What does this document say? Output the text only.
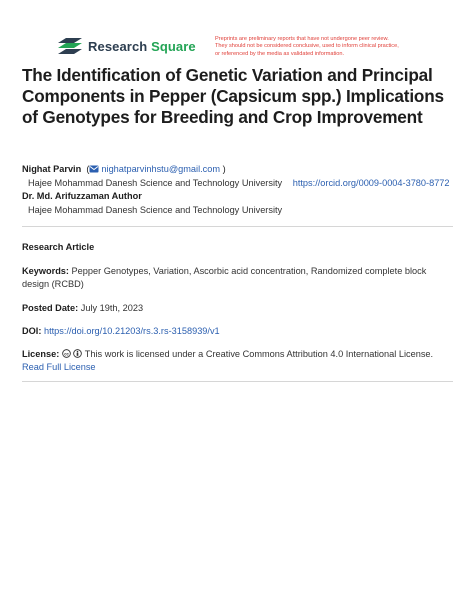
Research Square	Preprints are preliminary reports that have not undergone peer review.
They should not be considered conclusive, used to inform clinical practice,
or referenced by the media as validated information.
The Identification of Genetic Variation and Principal Components in Pepper (Capsicum spp.) Implications of Genotypes for Breeding and Crop Improvement
Nighat Parvin  ( nighatparvinhstu@gmail.com )
Hajee Mohammad Danesh Science and Technology University https://orcid.org/0009-0004-3780-8772
Dr. Md. Arifuzzaman Author
Hajee Mohammad Danesh Science and Technology University
Research Article
Keywords: Pepper Genotypes, Variation, Ascorbic acid concentration, Randomized complete block design (RCBD)
Posted Date: July 19th, 2023
DOI: https://doi.org/10.21203/rs.3.rs-3158939/v1
License: cc This work is licensed under a Creative Commons Attribution 4.0 International License.
Read Full License
